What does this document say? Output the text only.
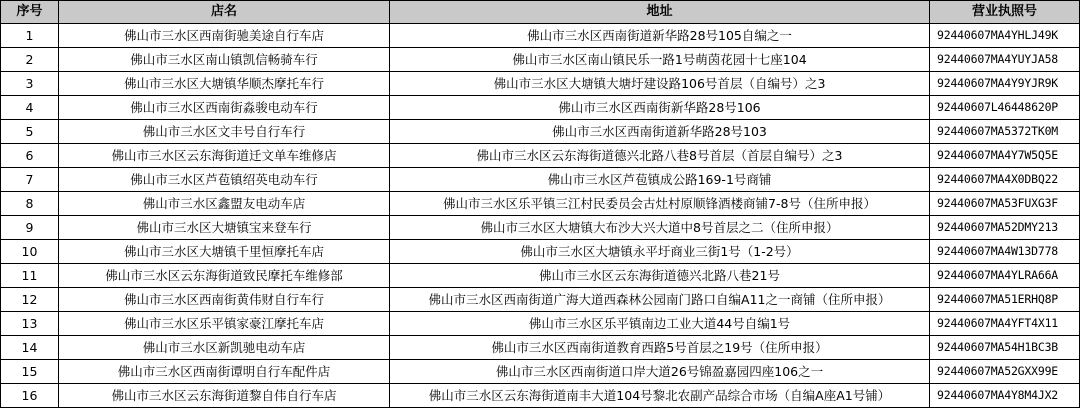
序号	店名	地址	营业执照号
1	佛山市三水区西南街驰美途自行车店	佛山市三水区西南街道新华路28号105自编之一	92440607MA4YHLJ49K
2	佛山市三水区南山镇凯信畅骑车行	佛山市三水区南山镇民乐一路1号萌茵花园十七座104	92440607MA4YUYJA58
3	佛山市三水区大塘镇华顺杰摩托车行	佛山市三水区大塘镇大塘圩建设路106号首层（自编号）之3	92440607MA4Y9YJR9K
4	佛山市三水区西南街淼骏电动车行	佛山市三水区西南街新华路28号106	92440607L46448620P
5	佛山市三水区文丰号自行车行	佛山市三水区西南街道新华路28号103	92440607MA5372TK0M
6	佛山市三水区云东海街道迁文单车维修店	佛山市三水区云东海街道德兴北路八巷8号首层（首层自编号）之3	92440607MA4Y7W5Q5E
7	佛山市三水区芦苞镇绍英电动车行	佛山市三水区芦苞镇成公路169-1号商铺	92440607MA4X0DBQ22
8	佛山市三水区鑫盟友电动车店	佛山市三水区乐平镇三江村民委员会古灶村原顺锋酒楼商铺7-8号（住所申报）	92440607MA53FUXG3F
9	佛山市三水区大塘镇宝来登车行	佛山市三水区大塘镇大布沙大兴大道中8号首层之二（住所申报）	92440607MA52DMY213
10	佛山市三水区大塘镇千里恒摩托车店	佛山市三水区大塘镇永平圩商业三街1号（1-2号）	92440607MA4W13D778
11	佛山市三水区云东海街道致民摩托车维修部	佛山市三水区云东海街道德兴北路八巷21号	92440607MA4YLRA66A
12	佛山市三水区西南街黄伟财自行车行	佛山市三水区西南街道广海大道西森林公园南门路口自编A11之一商铺（住所申报）	92440607MA51ERHQ8P
13	佛山市三水区乐平镇家豪江摩托车店	佛山市三水区乐平镇南边工业大道44号自编1号	92440607MA4YFT4X11
14	佛山市三水区新凯驰电动车店	佛山市三水区西南街道教育西路5号首层之19号（住所申报）	92440607MA54H1BC3B
15	佛山市三水区西南街谭明自行车配件店	佛山市三水区西南街道口岸大道26号锦盈嘉园四座106之一	92440607MA52GXX99E
16	佛山市三水区云东海街道黎自伟自行车店	佛山市三水区云东海街道南丰大道104号黎北农副产品综合市场（自编A座A1号铺）	92440607MA4Y8M4JX2
